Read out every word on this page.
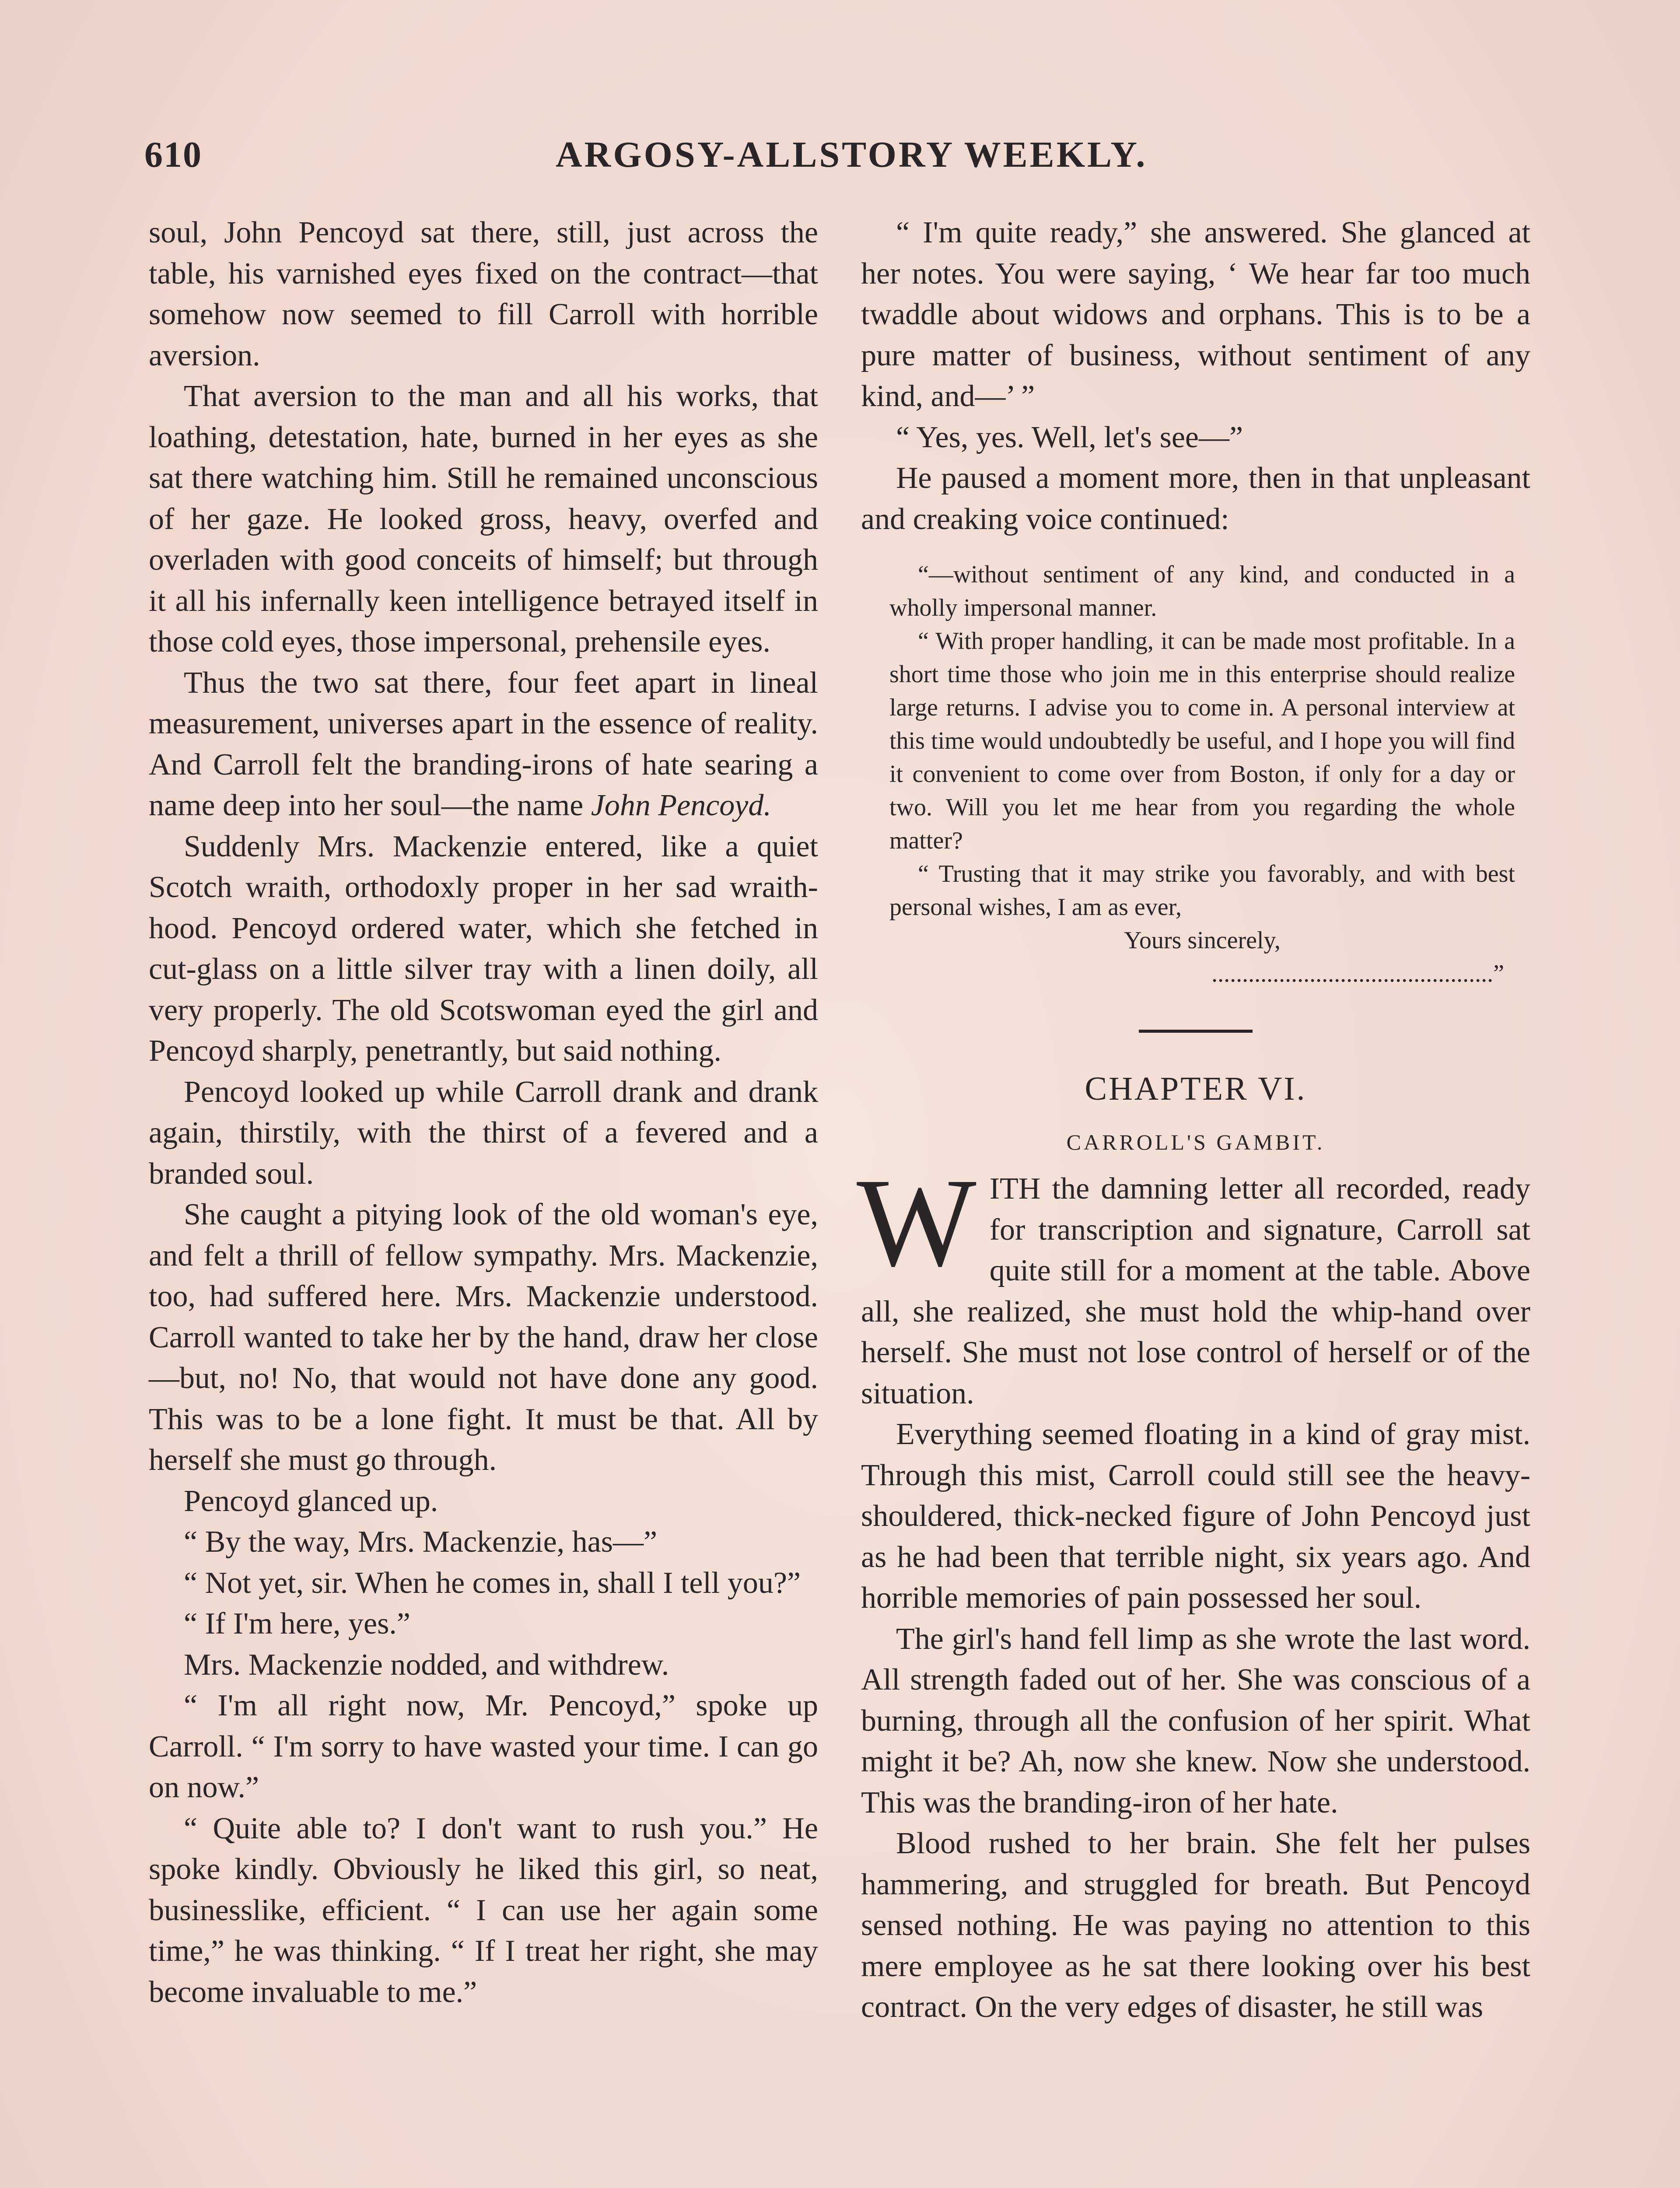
610	ARGOSY-ALLSTORY WEEKLY.

soul, John Pencoyd sat there, still, just across the table, his varnished eyes fixed on the contract—that somehow now seemed to fill Carroll with horrible aversion.

That aversion to the man and all his works, that loathing, detestation, hate, burned in her eyes as she sat there watching him. Still he remained unconscious of her gaze. He looked gross, heavy, overfed and overladen with good conceits of himself; but through it all his infernally keen intelligence betrayed itself in those cold eyes, those impersonal, prehensile eyes.

Thus the two sat there, four feet apart in lineal measurement, universes apart in the essence of reality. And Carroll felt the branding-irons of hate searing a name deep into her soul—the name John Pencoyd.

Suddenly Mrs. Mackenzie entered, like a quiet Scotch wraith, orthodoxly proper in her sad wraith-hood. Pencoyd ordered water, which she fetched in cut-glass on a little silver tray with a linen doily, all very properly. The old Scotswoman eyed the girl and Pencoyd sharply, penetrantly, but said nothing.

Pencoyd looked up while Carroll drank and drank again, thirstily, with the thirst of a fevered and a branded soul.

She caught a pitying look of the old woman's eye, and felt a thrill of fellow sympathy. Mrs. Mackenzie, too, had suffered here. Mrs. Mackenzie understood. Carroll wanted to take her by the hand, draw her close—but, no! No, that would not have done any good. This was to be a lone fight. It must be that. All by herself she must go through.

Pencoyd glanced up.

“ By the way, Mrs. Mackenzie, has—”

“ Not yet, sir. When he comes in, shall I tell you?”

“ If I'm here, yes.”

Mrs. Mackenzie nodded, and withdrew.

“ I'm all right now, Mr. Pencoyd,” spoke up Carroll. “ I'm sorry to have wasted your time. I can go on now.”

“ Quite able to? I don't want to rush you.” He spoke kindly. Obviously he liked this girl, so neat, businesslike, efficient. “ I can use her again some time,” he was thinking. “ If I treat her right, she may become invaluable to me.”

“ I'm quite ready,” she answered. She glanced at her notes. You were saying, ‘ We hear far too much twaddle about widows and orphans. This is to be a pure matter of business, without sentiment of any kind, and—’ ”

“ Yes, yes. Well, let's see—”

He paused a moment more, then in that unpleasant and creaking voice continued:

“—without sentiment of any kind, and conducted in a wholly impersonal manner.

“ With proper handling, it can be made most profitable. In a short time those who join me in this enterprise should realize large returns. I advise you to come in. A personal interview at this time would undoubtedly be useful, and I hope you will find it convenient to come over from Boston, if only for a day or two. Will you let me hear from you regarding the whole matter?

“ Trusting that it may strike you favorably, and with best personal wishes, I am as ever,

Yours sincerely,

..............................................”

CHAPTER VI.
CARROLL'S GAMBIT.

WITH the damning letter all recorded, ready for transcription and signature, Carroll sat quite still for a moment at the table. Above all, she realized, she must hold the whip-hand over herself. She must not lose control of herself or of the situation.

Everything seemed floating in a kind of gray mist. Through this mist, Carroll could still see the heavy-shouldered, thick-necked figure of John Pencoyd just as he had been that terrible night, six years ago. And horrible memories of pain possessed her soul.

The girl's hand fell limp as she wrote the last word. All strength faded out of her. She was conscious of a burning, through all the confusion of her spirit. What might it be? Ah, now she knew. Now she understood. This was the branding-iron of her hate.

Blood rushed to her brain. She felt her pulses hammering, and struggled for breath. But Pencoyd sensed nothing. He was paying no attention to this mere employee as he sat there looking over his best contract. On the very edges of disaster, he still was
